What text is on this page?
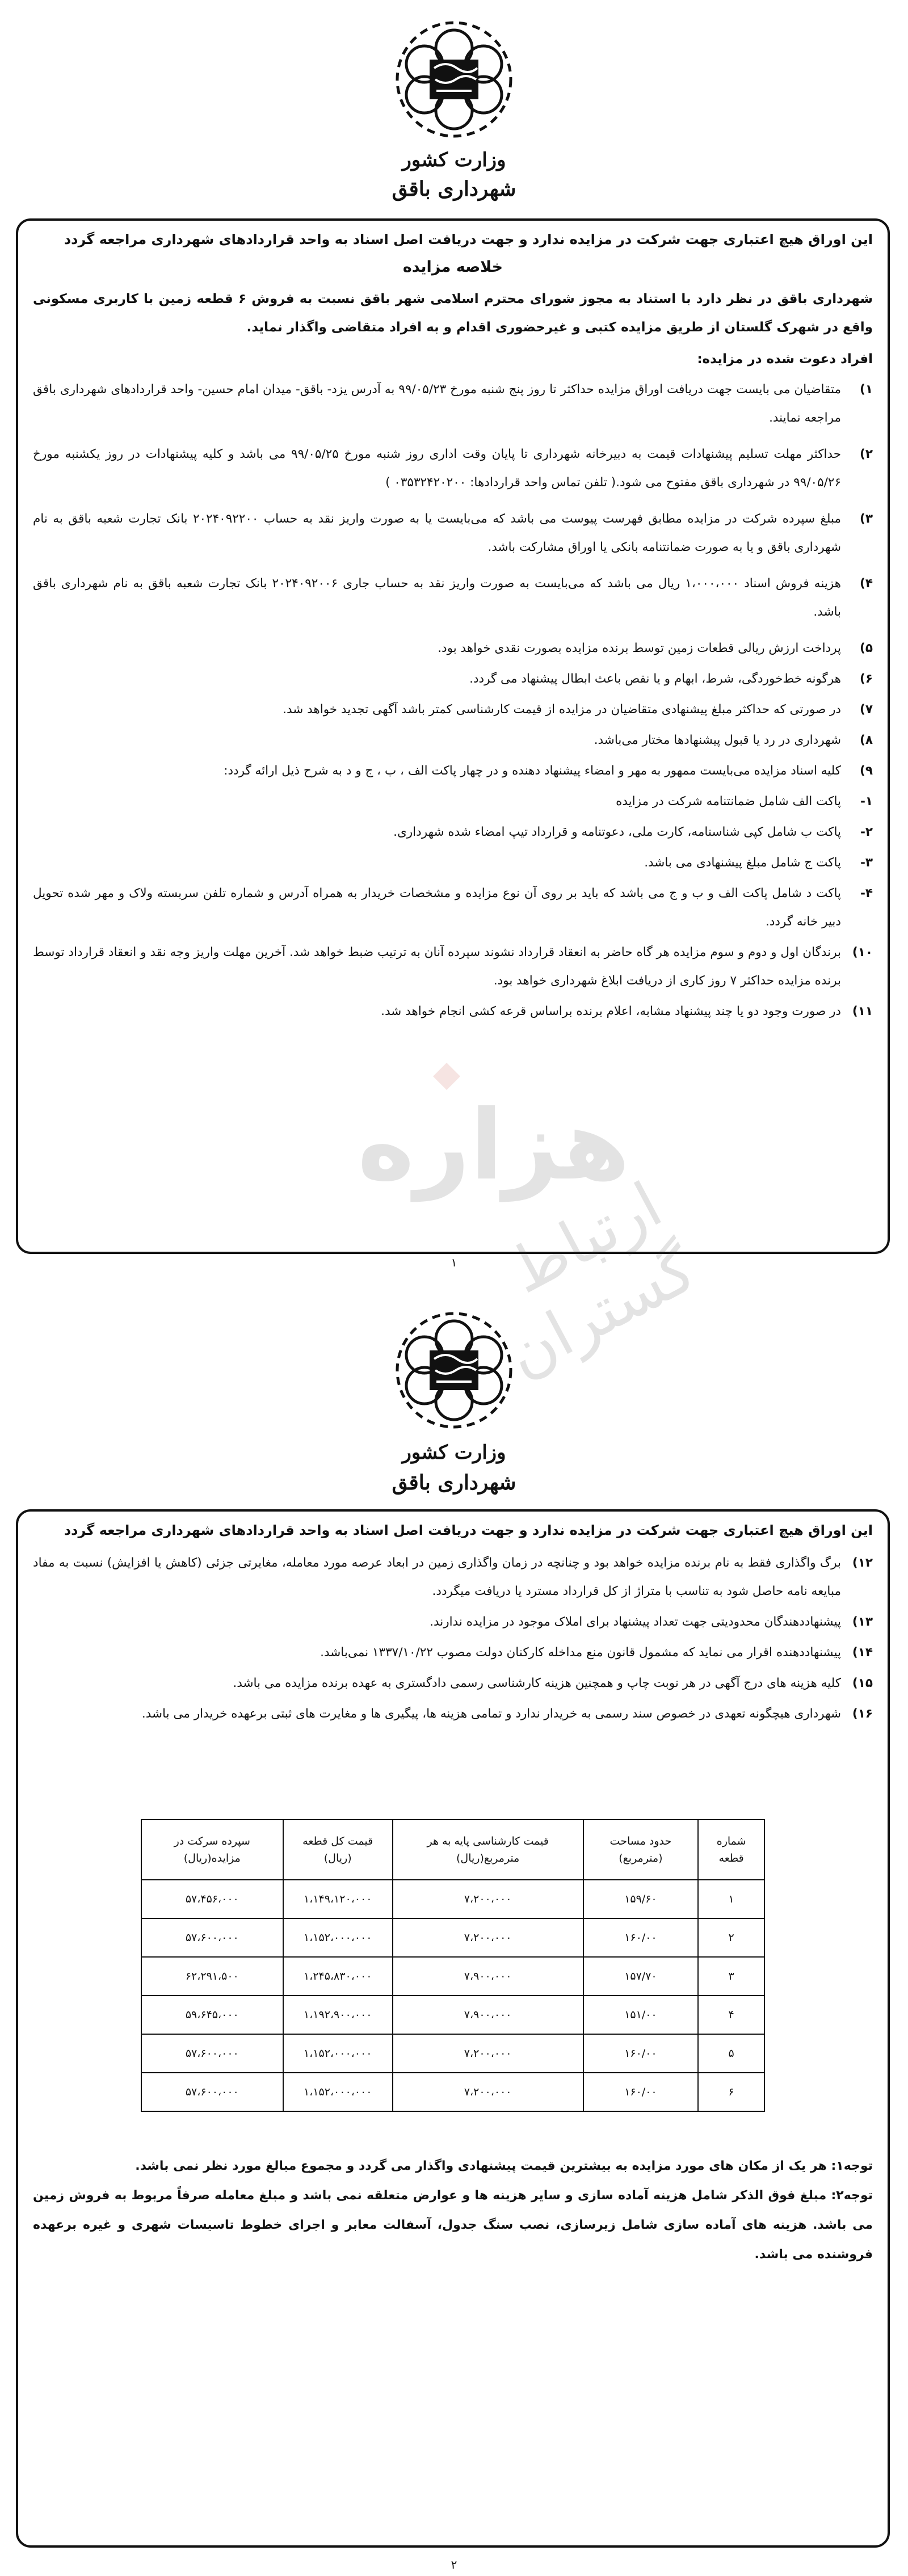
وزارت کشور
شهرداری باقق
این اوراق هیچ اعتباری جهت شرکت در مزایده ندارد و جهت دریافت اصل اسناد به واحد قراردادهای شهرداری مراجعه گردد
خلاصه مزایده

شهرداری باقق در نظر دارد با استناد به مجوز شورای محترم اسلامی شهر باقق نسبت به فروش ۶ قطعه زمین با کاربری مسکونی واقع در شهرک گلستان از طریق مزایده کتبی و غیرحضوری اقدام و به افراد متقاضی واگذار نماید.

افراد دعوت شده در مزایده:
۱)
متقاضیان می بایست جهت دریافت اوراق مزایده حداکثر تا روز پنج شنبه مورخ ۹۹/۰۵/۲۳ به آدرس یزد- باقق- میدان امام حسین- واحد قراردادهای شهرداری باقق مراجعه نمایند.
۲)
حداکثر مهلت تسلیم پیشنهادات قیمت به دبیرخانه شهرداری تا پایان وقت اداری روز شنبه مورخ ۹۹/۰۵/۲۵ می باشد و کلیه پیشنهادات در روز یکشنبه مورخ ۹۹/۰۵/۲۶ در شهرداری باقق مفتوح می شود.( تلفن تماس واحد قراردادها: ۰۳۵۳۲۴۲۰۲۰۰ )
۳)
مبلغ سپرده شرکت در مزایده مطابق فهرست پیوست می باشد که می‌بایست یا به صورت واریز نقد به حساب ۲۰۲۴۰۹۲۲۰۰ بانک تجارت شعبه باقق به نام شهرداری باقق و یا به صورت ضمانتنامه بانکی یا اوراق مشارکت باشد.
۴)
هزینه فروش اسناد ۱،۰۰۰،۰۰۰ ریال می باشد که می‌بایست به صورت واریز نقد به حساب جاری ۲۰۲۴۰۹۲۰۰۶ بانک تجارت شعبه باقق به نام شهرداری باقق باشد.
۵)
پرداخت ارزش ریالی قطعات زمین توسط برنده مزایده بصورت نقدی خواهد بود.
۶)
هرگونه خط‌خوردگی، شرط، ابهام و یا نقص باعث ابطال پیشنهاد می گردد.
۷)
در صورتی که حداکثر مبلغ پیشنهادی متقاضیان در مزایده از قیمت کارشناسی کمتر باشد آگهی تجدید خواهد شد.
۸)
شهرداری در رد یا قبول پیشنهادها مختار می‌باشد.
۹)
کلیه اسناد مزایده می‌بایست ممهور به مهر و امضاء پیشنهاد دهنده و در چهار پاکت الف ، ب ، ج و د به شرح ذیل ارائه گردد:
۱-
پاکت الف شامل ضمانتنامه شرکت در مزایده
۲-
پاکت ب شامل کپی شناسنامه، کارت ملی، دعوتنامه و قرارداد تیپ امضاء شده شهرداری.
۳-
پاکت ج شامل مبلغ پیشنهادی می باشد.
۴-
پاکت د شامل پاکت الف و ب و ج می باشد که باید بر روی آن نوع مزایده و مشخصات خریدار به همراه آدرس و شماره تلفن سربسته ولاک و مهر شده تحویل دبیر خانه گردد.
۱۰)
برندگان اول و دوم و سوم مزایده هر گاه حاضر به انعقاد قرارداد نشوند سپرده آنان به ترتیب ضبط خواهد شد. آخرین مهلت واریز وجه نقد و انعقاد قرارداد توسط برنده مزایده حداکثر ۷ روز کاری از دریافت ابلاغ شهرداری خواهد بود.
۱۱)
در صورت وجود دو یا چند پیشنهاد مشابه، اعلام برنده براساس قرعه کشی انجام خواهد شد.
۱
هزاره
ارتباط گستران
وزارت کشور
شهرداری باقق
این اوراق هیچ اعتباری جهت شرکت در مزایده ندارد و جهت دریافت اصل اسناد به واحد قراردادهای شهرداری مراجعه گردد
۱۲)
برگ واگذاری فقط به نام برنده مزایده خواهد بود و چنانچه در زمان واگذاری زمین در ابعاد عرصه مورد معامله، مغایرتی جزئی (کاهش یا افزایش) نسبت به مفاد مبایعه نامه حاصل شود به تناسب با متراژ از کل قرارداد مسترد یا دریافت میگردد.
۱۳)
پیشنهاددهندگان محدودیتی جهت تعداد پیشنهاد برای املاک موجود در مزایده ندارند.
۱۴)
پیشنهاددهنده اقرار می نماید که مشمول قانون منع مداخله کارکنان دولت مصوب ۱۳۳۷/۱۰/۲۲ نمی‌باشد.
۱۵)
کلیه هزینه های درج آگهی در هر نوبت چاپ و همچنین هزینه کارشناسی رسمی دادگستری به عهده برنده مزایده می باشد.
۱۶)
شهرداری هیچگونه تعهدی در خصوص سند رسمی به خریدار ندارد و تمامی هزینه ها، پیگیری ها و مغایرت های ثبتی برعهده خریدار می باشد.
شماره قطعه	حدود مساحت (مترمربع)	قیمت کارشناسی پایه به هر مترمربع(ریال)	قیمت کل قطعه (ریال)	سپرده سرکت در مزایده(ریال)
۱	۱۵۹/۶۰	۷،۲۰۰،۰۰۰	۱،۱۴۹،۱۲۰،۰۰۰	۵۷،۴۵۶،۰۰۰
۲	۱۶۰/۰۰	۷،۲۰۰،۰۰۰	۱،۱۵۲،۰۰۰،۰۰۰	۵۷،۶۰۰،۰۰۰
۳	۱۵۷/۷۰	۷،۹۰۰،۰۰۰	۱،۲۴۵،۸۳۰،۰۰۰	۶۲،۲۹۱،۵۰۰
۴	۱۵۱/۰۰	۷،۹۰۰،۰۰۰	۱،۱۹۲،۹۰۰،۰۰۰	۵۹،۶۴۵،۰۰۰
۵	۱۶۰/۰۰	۷،۲۰۰،۰۰۰	۱،۱۵۲،۰۰۰،۰۰۰	۵۷،۶۰۰،۰۰۰
۶	۱۶۰/۰۰	۷،۲۰۰،۰۰۰	۱،۱۵۲،۰۰۰،۰۰۰	۵۷،۶۰۰،۰۰۰

توجه۱: هر یک از مکان های مورد مزایده به بیشترین قیمت پیشنهادی واگذار می گردد و مجموع مبالغ مورد نظر نمی باشد.

توجه۲: مبلغ فوق الذکر شامل هزینه آماده سازی و سایر هزینه ها و عوارض متعلقه نمی باشد و مبلغ معامله صرفاً مربوط به فروش زمین می باشد. هزینه های آماده سازی شامل زیرسازی، نصب سنگ جدول، آسفالت معابر و اجرای خطوط تاسیسات شهری و غیره برعهده فروشنده می باشد.

۲
